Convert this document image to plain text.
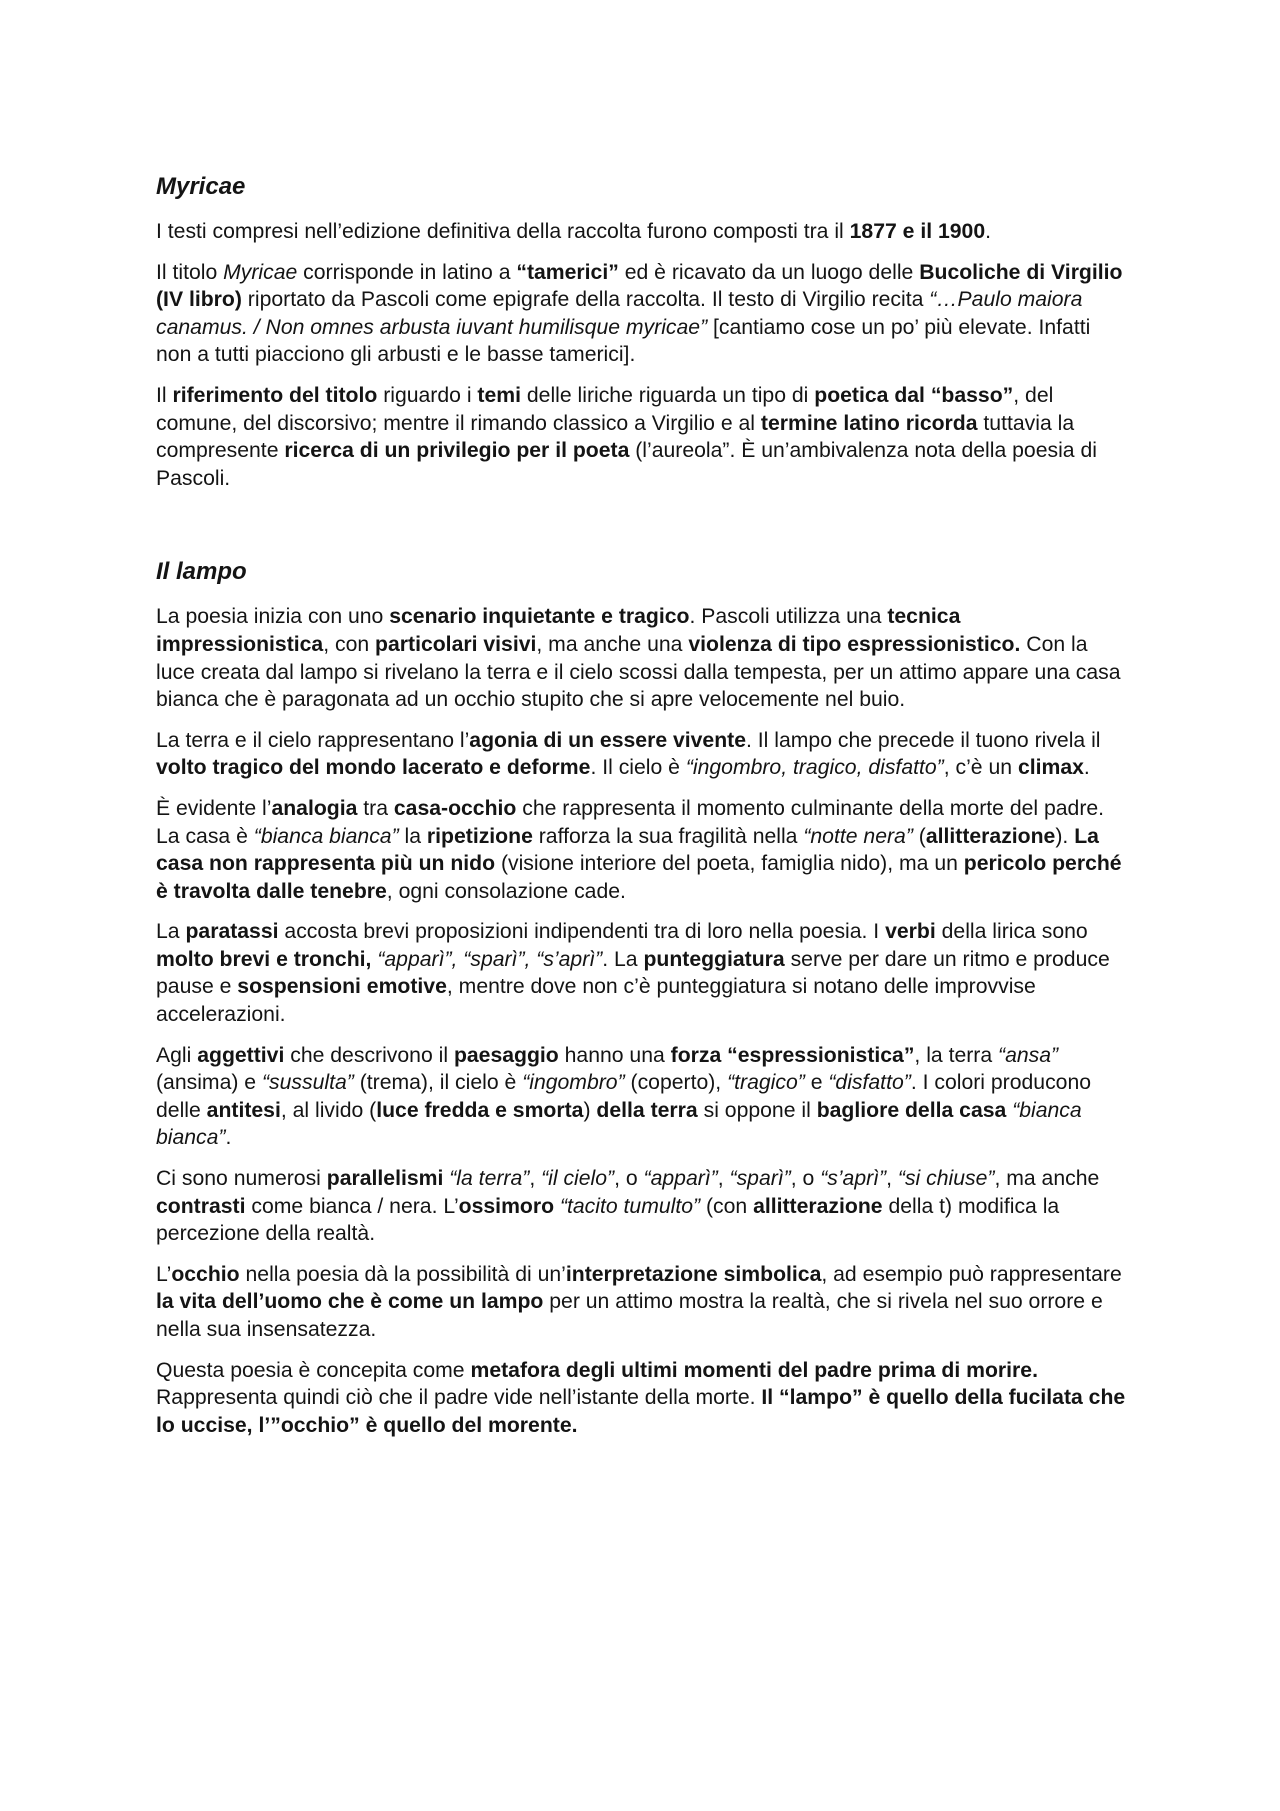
Myricae

I testi compresi nell’edizione definitiva della raccolta furono composti tra il 1877 e il 1900.

Il titolo Myricae corrisponde in latino a “tamerici” ed è ricavato da un luogo delle Bucoliche di Virgilio (IV libro) riportato da Pascoli come epigrafe della raccolta. Il testo di Virgilio recita “…Paulo maiora canamus. / Non omnes arbusta iuvant humilisque myricae” [cantiamo cose un po’ più elevate. Infatti non a tutti piacciono gli arbusti e le basse tamerici].

Il riferimento del titolo riguardo i temi delle liriche riguarda un tipo di poetica dal “basso”, del comune, del discorsivo; mentre il rimando classico a Virgilio e al termine latino ricorda tuttavia la compresente ricerca di un privilegio per il poeta (l’aureola”. È un’ambivalenza nota della poesia di Pascoli.

Il lampo

La poesia inizia con uno scenario inquietante e tragico. Pascoli utilizza una tecnica impressionistica, con particolari visivi, ma anche una violenza di tipo espressionistico. Con la luce creata dal lampo si rivelano la terra e il cielo scossi dalla tempesta, per un attimo appare una casa bianca che è paragonata ad un occhio stupito che si apre velocemente nel buio.

La terra e il cielo rappresentano l’agonia di un essere vivente. Il lampo che precede il tuono rivela il volto tragico del mondo lacerato e deforme. Il cielo è “ingombro, tragico, disfatto”, c’è un climax.

È evidente l’analogia tra casa-occhio che rappresenta il momento culminante della morte del padre. La casa è “bianca bianca” la ripetizione rafforza la sua fragilità nella “notte nera” (allitterazione). La casa non rappresenta più un nido (visione interiore del poeta, famiglia nido), ma un pericolo perché è travolta dalle tenebre, ogni consolazione cade.

La paratassi accosta brevi proposizioni indipendenti tra di loro nella poesia. I verbi della lirica sono molto brevi e tronchi, “apparì”, “sparì”, “s’aprì”. La punteggiatura serve per dare un ritmo e produce pause e sospensioni emotive, mentre dove non c’è punteggiatura si notano delle improvvise accelerazioni.

Agli aggettivi che descrivono il paesaggio hanno una forza “espressionistica”, la terra “ansa” (ansima) e “sussulta” (trema), il cielo è “ingombro” (coperto), “tragico” e “disfatto”. I colori producono delle antitesi, al livido (luce fredda e smorta) della terra si oppone il bagliore della casa “bianca bianca”.

Ci sono numerosi parallelismi “la terra”, “il cielo”, o “apparì”, “sparì”, o “s’aprì”, “si chiuse”, ma anche contrasti come bianca / nera. L’ossimoro “tacito tumulto” (con allitterazione della t) modifica la percezione della realtà.

L’occhio nella poesia dà la possibilità di un’interpretazione simbolica, ad esempio può rappresentare la vita dell’uomo che è come un lampo per un attimo mostra la realtà, che si rivela nel suo orrore e nella sua insensatezza.

Questa poesia è concepita come metafora degli ultimi momenti del padre prima di morire. Rappresenta quindi ciò che il padre vide nell’istante della morte. Il “lampo” è quello della fucilata che lo uccise, l’”occhio” è quello del morente.
